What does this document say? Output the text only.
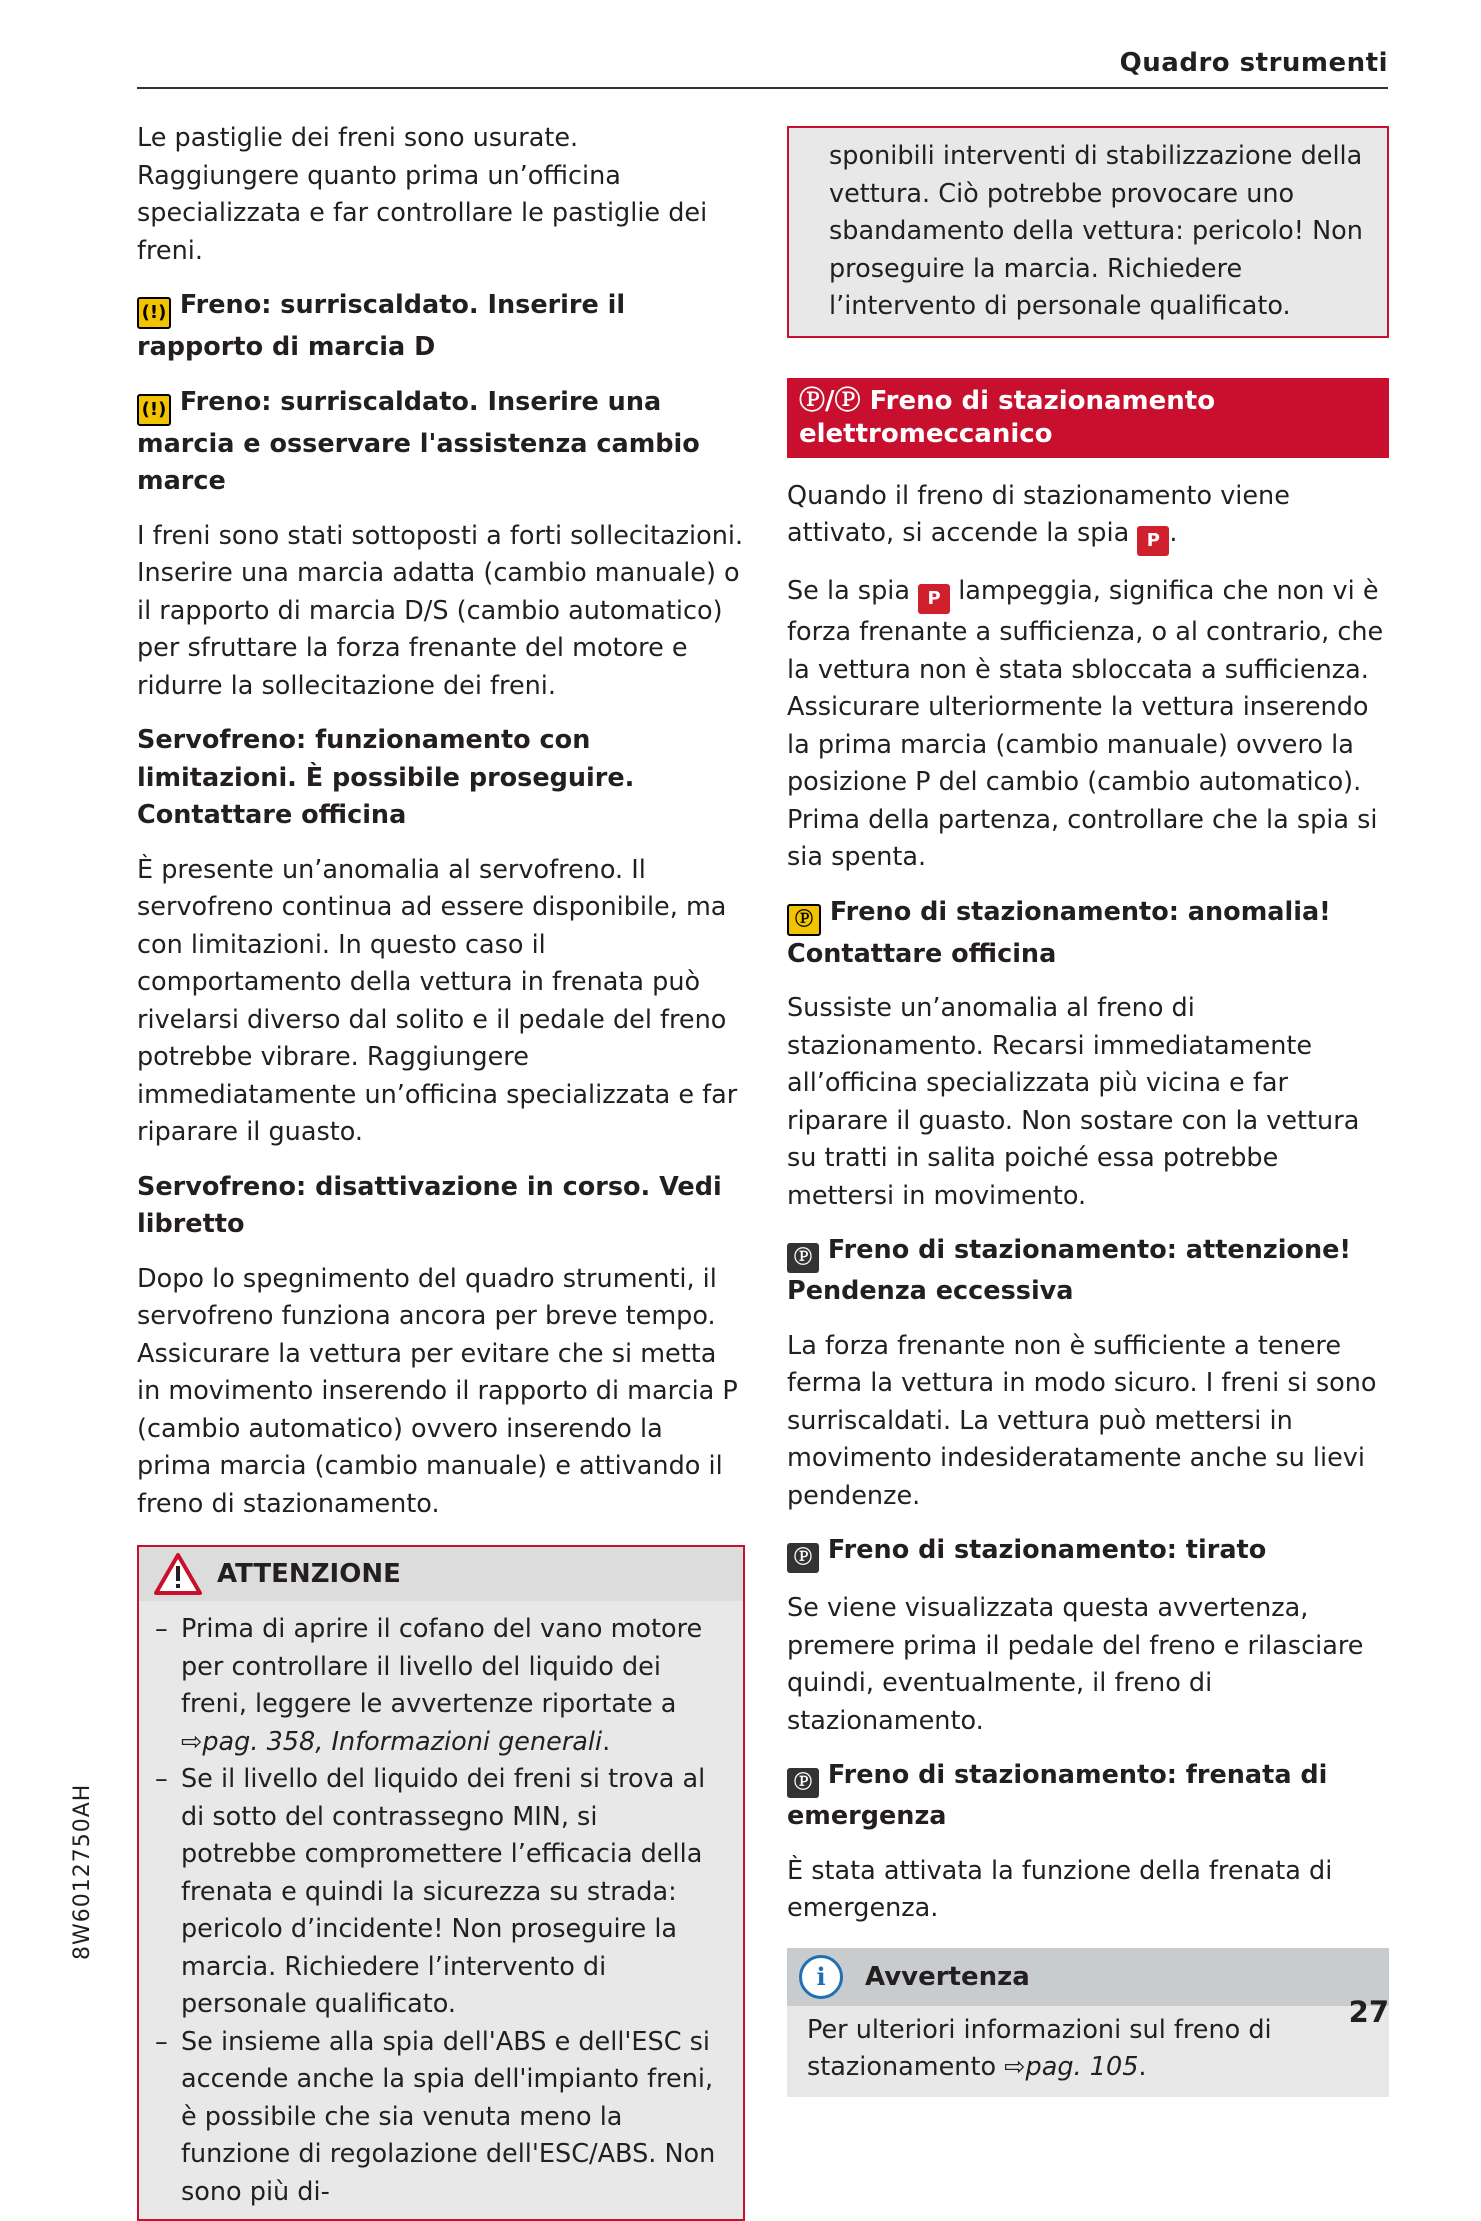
Quadro strumenti

Le pastiglie dei freni sono usurate. Raggiungere quanto prima un’officina specializzata e far controllare le pastiglie dei freni.

(!) Freno: surriscaldato. Inserire il rapporto di marcia D

(!) Freno: surriscaldato. Inserire una marcia e osservare l'assistenza cambio marce

I freni sono stati sottoposti a forti sollecitazioni. Inserire una marcia adatta (cambio manuale) o il rapporto di marcia D/S (cambio automatico) per sfruttare la forza frenante del motore e ridurre la sollecitazione dei freni.

Servofreno: funzionamento con limitazioni. È possibile proseguire. Contattare officina

È presente un’anomalia al servofreno. Il servofreno continua ad essere disponibile, ma con limitazioni. In questo caso il comportamento della vettura in frenata può rivelarsi diverso dal solito e il pedale del freno potrebbe vibrare. Raggiungere immediatamente un’officina specializzata e far riparare il guasto.

Servofreno: disattivazione in corso. Vedi libretto

Dopo lo spegnimento del quadro strumenti, il servofreno funziona ancora per breve tempo. Assicurare la vettura per evitare che si metta in movimento inserendo il rapporto di marcia P (cambio automatico) ovvero inserendo la prima marcia (cambio manuale) e attivando il freno di stazionamento.

ATTENZIONE
– Prima di aprire il cofano del vano motore per controllare il livello del liquido dei freni, leggere le avvertenze riportate a ⇨pag. 358, Informazioni generali.
– Se il livello del liquido dei freni si trova al di sotto del contrassegno MIN, si potrebbe compromettere l’efficacia della frenata e quindi la sicurezza su strada: pericolo d’incidente! Non proseguire la marcia. Richiedere l’intervento di personale qualificato.
– Se insieme alla spia dell'ABS e dell'ESC si accende anche la spia dell'impianto freni, è possibile che sia venuta meno la funzione di regolazione dell'ESC/ABS. Non sono più di-
sponibili interventi di stabilizzazione della vettura. Ciò potrebbe provocare uno sbandamento della vettura: pericolo! Non proseguire la marcia. Richiedere l’intervento di personale qualificato.
Ⓟ/Ⓟ Freno di stazionamento elettromeccanico

Quando il freno di stazionamento viene attivato, si accende la spia P .

Se la spia P lampeggia, significa che non vi è forza frenante a sufficienza, o al contrario, che la vettura non è stata sbloccata a sufficienza. Assicurare ulteriormente la vettura inserendo la prima marcia (cambio manuale) ovvero la posizione P del cambio (cambio automatico). Prima della partenza, controllare che la spia si sia spenta.

Ⓟ Freno di stazionamento: anomalia! Contattare officina

Sussiste un’anomalia al freno di stazionamento. Recarsi immediatamente all’officina specializzata più vicina e far riparare il guasto. Non sostare con la vettura su tratti in salita poiché essa potrebbe mettersi in movimento.

Ⓟ Freno di stazionamento: attenzione! Pendenza eccessiva

La forza frenante non è sufficiente a tenere ferma la vettura in modo sicuro. I freni si sono surriscaldati. La vettura può mettersi in movimento indesideratamente anche su lievi pendenze.

Ⓟ Freno di stazionamento: tirato

Se viene visualizzata questa avvertenza, premere prima il pedale del freno e rilasciare quindi, eventualmente, il freno di stazionamento.

Ⓟ Freno di stazionamento: frenata di emergenza

È stata attivata la funzione della frenata di emergenza.

i	Avvertenza
Per ulteriori informazioni sul freno di stazionamento ⇨pag. 105.
8W6012750AH
27
